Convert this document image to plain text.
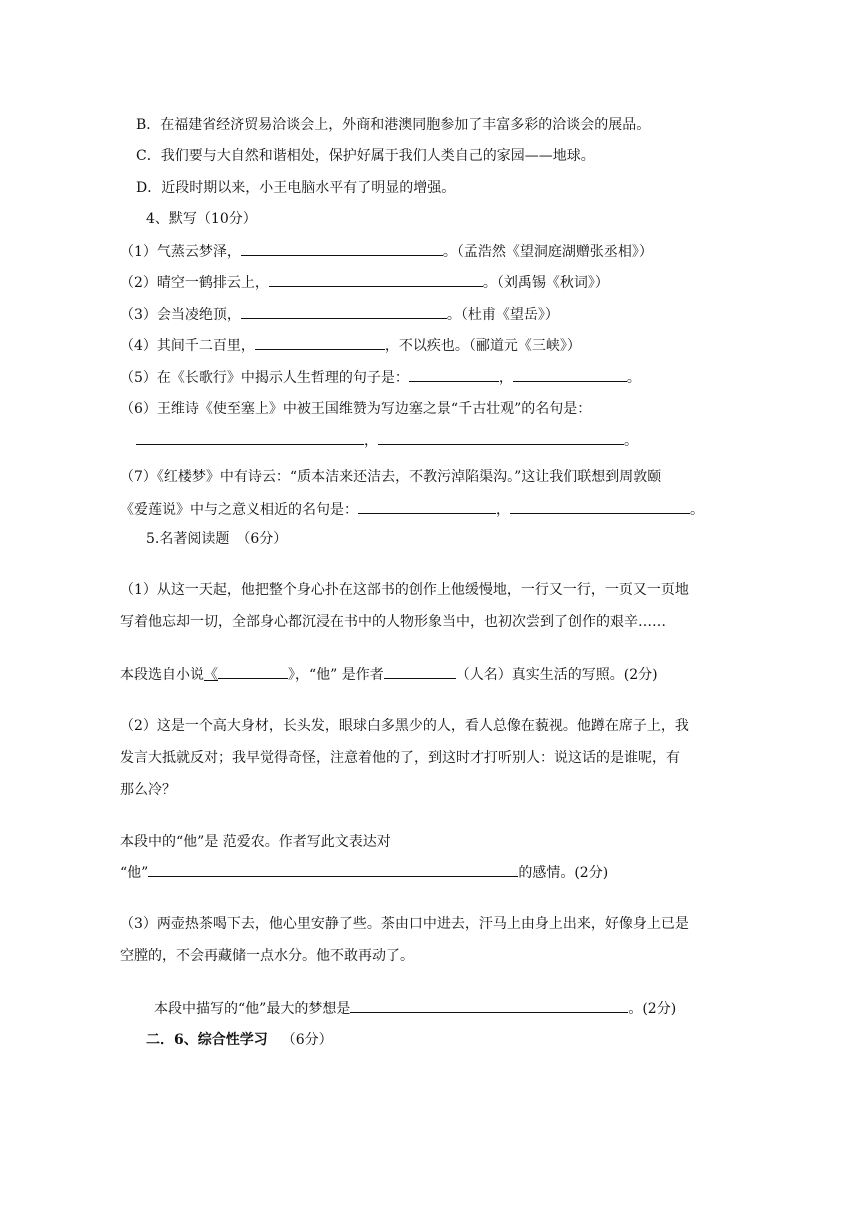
B．在福建省经济贸易洽谈会上，外商和港澳同胞参加了丰富多彩的洽谈会的展品。
C．我们要与大自然和谐相处，保护好属于我们人类自己的家园——地球。
D．近段时期以来，小王电脑水平有了明显的增强。
4、默写（10分）
（1）气蒸云梦泽，	。（孟浩然《望洞庭湖赠张丞相》）
（2）晴空一鹤排云上，	。（刘禹锡《秋词》）
（3）会当凌绝顶，	。（杜甫《望岳》）
（4）其间千二百里，	，不以疾也。（郦道元《三峡》）
（5）在《长歌行》中揭示人生哲理的句子是：	，	。
（6）王维诗《使至塞上》中被王国维赞为写边塞之景“千古壮观”的名句是：
，	。
（7）《红楼梦》中有诗云：“质本洁来还洁去，不教污淖陷渠沟。”这让我们联想到周敦颐
《爱莲说》中与之意义相近的名句是：	，	。
5.名著阅读题　（6分）
（1）从这一天起，他把整个身心扑在这部书的创作上他缓慢地，一行又一行，一页又一页地
写着他忘却一切，全部身心都沉浸在书中的人物形象当中，也初次尝到了创作的艰辛……
本段选自小说《	》，“他” 是作者	（人名）真实生活的写照。(2分)
（2）这是一个高大身材，长头发，眼球白多黑少的人，看人总像在藐视。他蹲在席子上，我
发言大抵就反对；我早觉得奇怪，注意着他的了，到这时才打听别人：说这话的是谁呢，有
那么冷？
本段中的“他”是 范爱农。作者写此文表达对
“他”	的感情。(2分)
（3）两壶热茶喝下去，他心里安静了些。茶由口中进去，汗马上由身上出来，好像身上已是
空膛的，不会再藏储一点水分。他不敢再动了。
本段中描写的“他”最大的梦想是	。(2分)
二．6、综合性学习 （6分）
